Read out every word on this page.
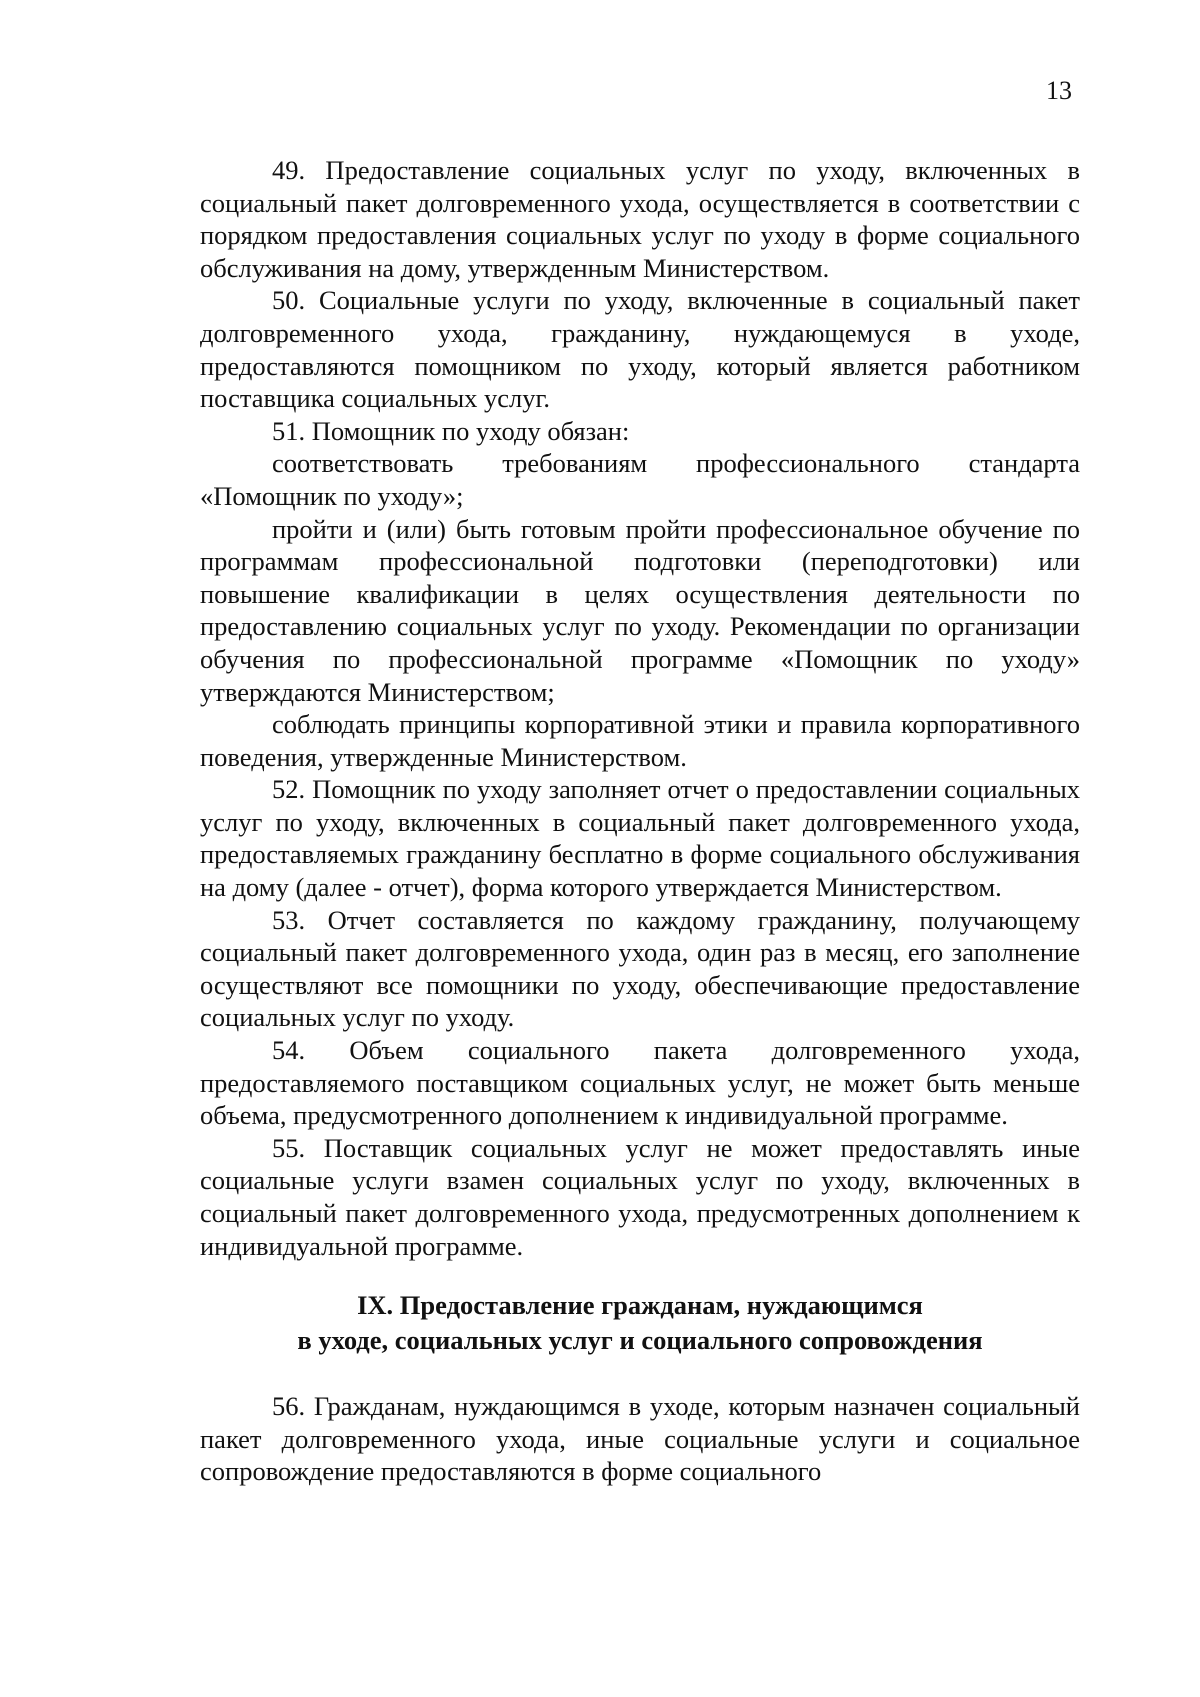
13

49. Предоставление социальных услуг по уходу, включенных в социальный пакет долговременного ухода, осуществляется в соответствии с порядком предоставления социальных услуг по уходу в форме социального обслуживания на дому, утвержденным Министерством.

50. Социальные услуги по уходу, включенные в социальный пакет долговременного ухода, гражданину, нуждающемуся в уходе, предоставляются помощником по уходу, который является работником поставщика социальных услуг.

51. Помощник по уходу обязан:

соответствовать требованиям профессионального стандарта «Помощник по уходу»;

пройти и (или) быть готовым пройти профессиональное обучение по программам профессиональной подготовки (переподготовки) или повышение квалификации в целях осуществления деятельности по предоставлению социальных услуг по уходу. Рекомендации по организации обучения по профессиональной программе «Помощник по уходу» утверждаются Министерством;

соблюдать принципы корпоративной этики и правила корпоративного поведения, утвержденные Министерством.

52. Помощник по уходу заполняет отчет о предоставлении социальных услуг по уходу, включенных в социальный пакет долговременного ухода, предоставляемых гражданину бесплатно в форме социального обслуживания на дому (далее - отчет), форма которого утверждается Министерством.

53. Отчет составляется по каждому гражданину, получающему социальный пакет долговременного ухода, один раз в месяц, его заполнение осуществляют все помощники по уходу, обеспечивающие предоставление социальных услуг по уходу.

54. Объем социального пакета долговременного ухода, предоставляемого поставщиком социальных услуг, не может быть меньше объема, предусмотренного дополнением к индивидуальной программе.

55. Поставщик социальных услуг не может предоставлять иные социальные услуги взамен социальных услуг по уходу, включенных в социальный пакет долговременного ухода, предусмотренных дополнением к индивидуальной программе.

IX. Предоставление гражданам, нуждающимся
в уходе, социальных услуг и социального сопровождения

56. Гражданам, нуждающимся в уходе, которым назначен социальный пакет долговременного ухода, иные социальные услуги и социальное сопровождение предоставляются в форме социального
